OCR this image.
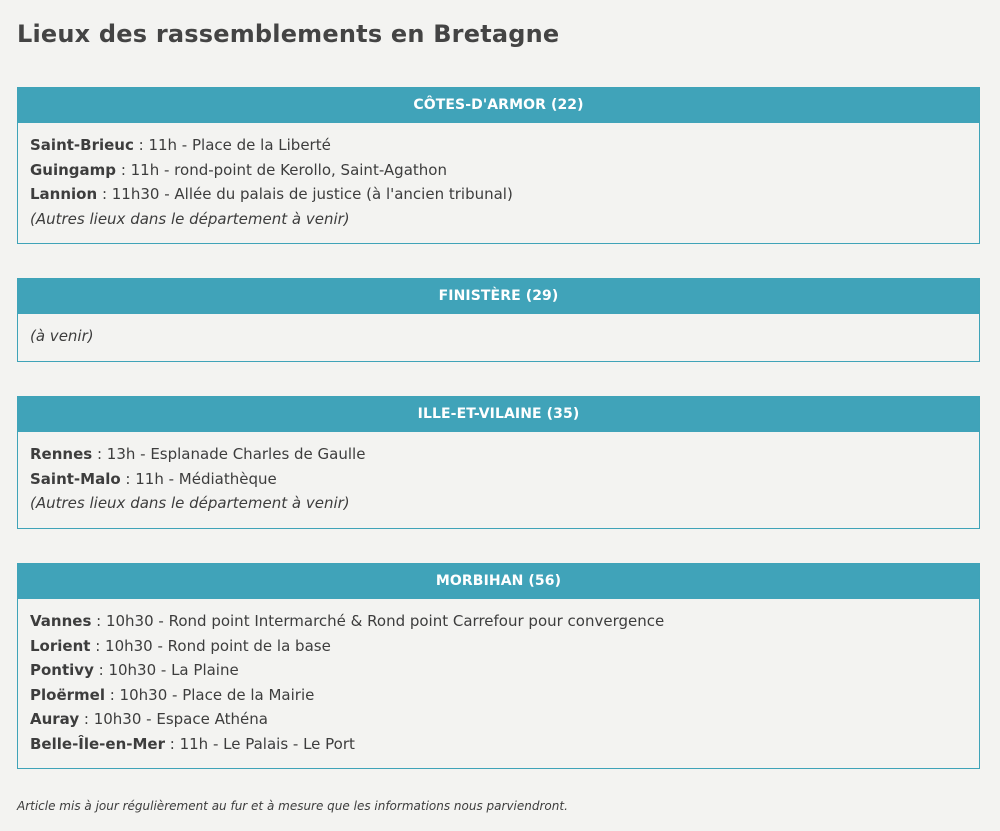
Lieux des rassemblements en Bretagne
CÔTES-D'ARMOR (22)
Saint-Brieuc : 11h - Place de la Liberté
Guingamp : 11h - rond-point de Kerollo, Saint-Agathon
Lannion : 11h30 - Allée du palais de justice (à l'ancien tribunal)
(Autres lieux dans le département à venir)
FINISTÈRE (29)
(à venir)
ILLE-ET-VILAINE (35)
Rennes : 13h - Esplanade Charles de Gaulle
Saint-Malo : 11h - Médiathèque
(Autres lieux dans le département à venir)
MORBIHAN (56)
Vannes : 10h30 - Rond point Intermarché & Rond point Carrefour pour convergence
Lorient : 10h30 - Rond point de la base
Pontivy : 10h30 - La Plaine
Ploërmel : 10h30 - Place de la Mairie
Auray : 10h30 - Espace Athéna
Belle-Île-en-Mer : 11h - Le Palais - Le Port
Article mis à jour régulièrement au fur et à mesure que les informations nous parviendront.
